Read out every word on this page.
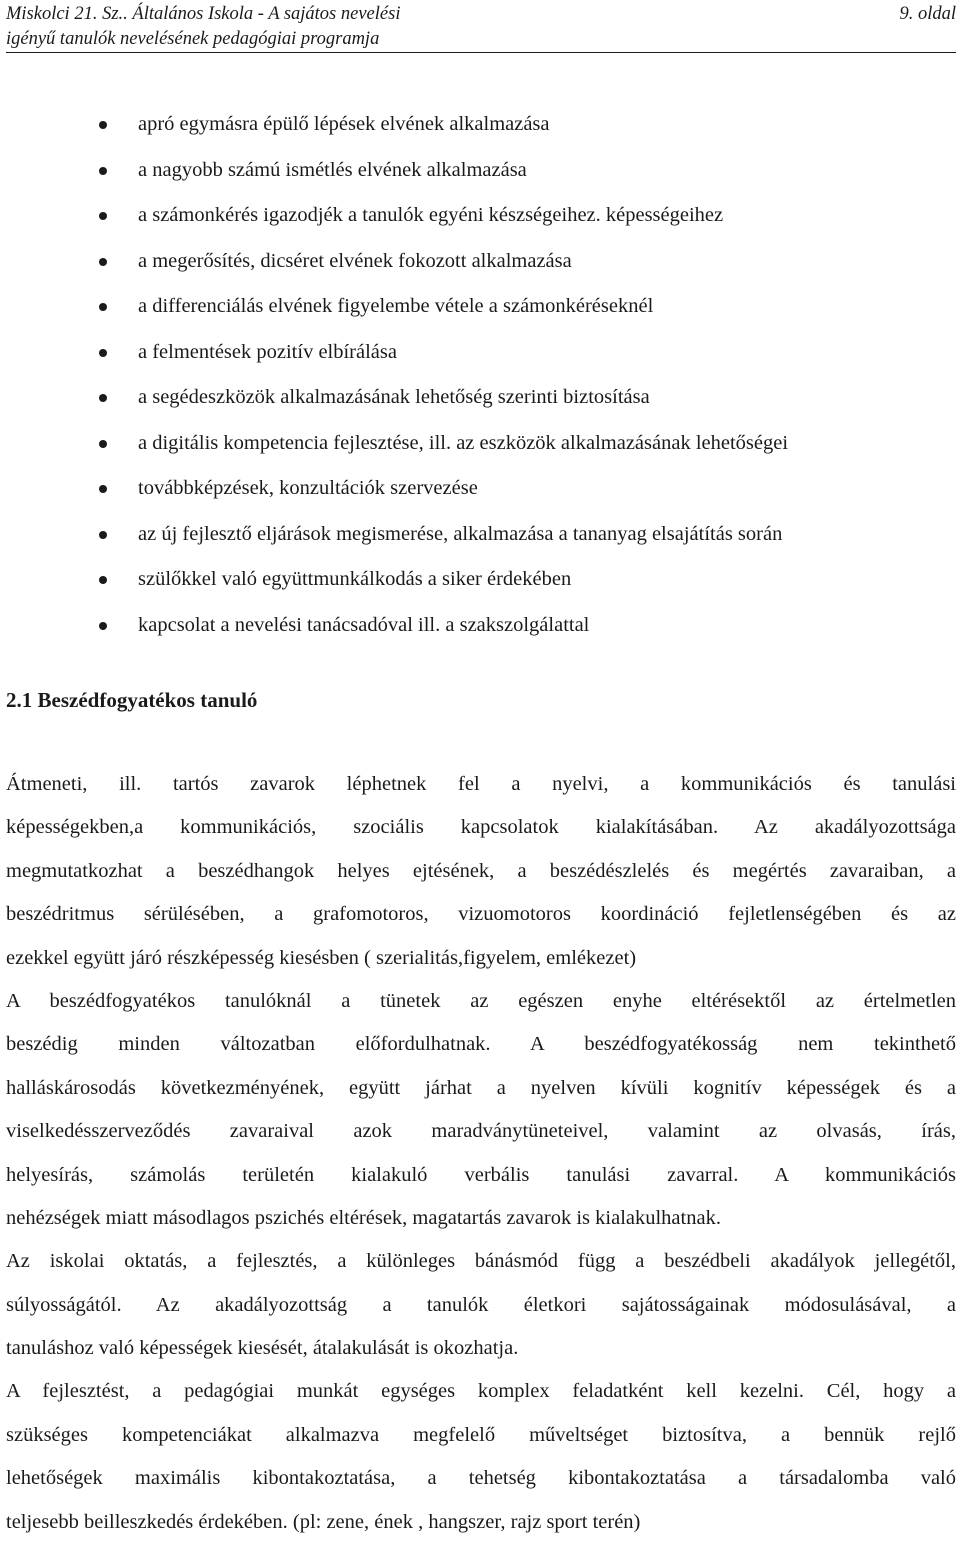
Miskolci 21. Sz.. Általános Iskola - A sajátos nevelési
igényű tanulók nevelésének pedagógiai programja
9. oldal
apró egymásra épülő lépések elvének alkalmazása
a nagyobb számú ismétlés elvének alkalmazása
a számonkérés igazodjék a tanulók egyéni készségeihez. képességeihez
a megerősítés, dicséret elvének fokozott alkalmazása
a differenciálás elvének figyelembe vétele a számonkéréseknél
a felmentések pozitív elbírálása
a segédeszközök alkalmazásának lehetőség szerinti biztosítása
a digitális kompetencia fejlesztése, ill. az eszközök alkalmazásának lehetőségei
továbbképzések, konzultációk szervezése
az új fejlesztő eljárások megismerése, alkalmazása a tananyag elsajátítás során
szülőkkel való együttmunkálkodás a siker érdekében
kapcsolat a nevelési tanácsadóval ill. a szakszolgálattal
2.1 Beszédfogyatékos tanuló
Átmeneti, ill. tartós zavarok léphetnek fel a nyelvi, a kommunikációs és tanulási
képességekben,a kommunikációs, szociális kapcsolatok kialakításában. Az akadályozottsága
megmutatkozhat a beszédhangok helyes ejtésének, a beszédészlelés és megértés zavaraiban, a
beszédritmus sérülésében, a grafomotoros, vizuomotoros koordináció fejletlenségében és az
ezekkel együtt járó részképesség kiesésben ( szerialitás,figyelem, emlékezet)
A beszédfogyatékos tanulóknál a tünetek az egészen enyhe eltérésektől az értelmetlen
beszédig minden változatban előfordulhatnak. A beszédfogyatékosság nem tekinthető
halláskárosodás következményének, együtt járhat a nyelven kívüli kognitív képességek és a
viselkedésszerveződés zavaraival azok maradványtüneteivel, valamint az olvasás, írás,
helyesírás, számolás területén kialakuló verbális tanulási zavarral. A kommunikációs
nehézségek miatt másodlagos pszichés eltérések, magatartás zavarok is kialakulhatnak.
Az iskolai oktatás, a fejlesztés, a különleges bánásmód függ a beszédbeli akadályok jellegétől,
súlyosságától. Az akadályozottság a tanulók életkori sajátosságainak módosulásával, a
tanuláshoz való képességek kiesését, átalakulását is okozhatja.
A fejlesztést, a pedagógiai munkát egységes komplex feladatként kell kezelni. Cél, hogy a
szükséges kompetenciákat alkalmazva megfelelő műveltséget biztosítva, a bennük rejlő
lehetőségek maximális kibontakoztatása, a tehetség kibontakoztatása a társadalomba való
teljesebb beilleszkedés érdekében. (pl: zene, ének , hangszer, rajz sport terén)
